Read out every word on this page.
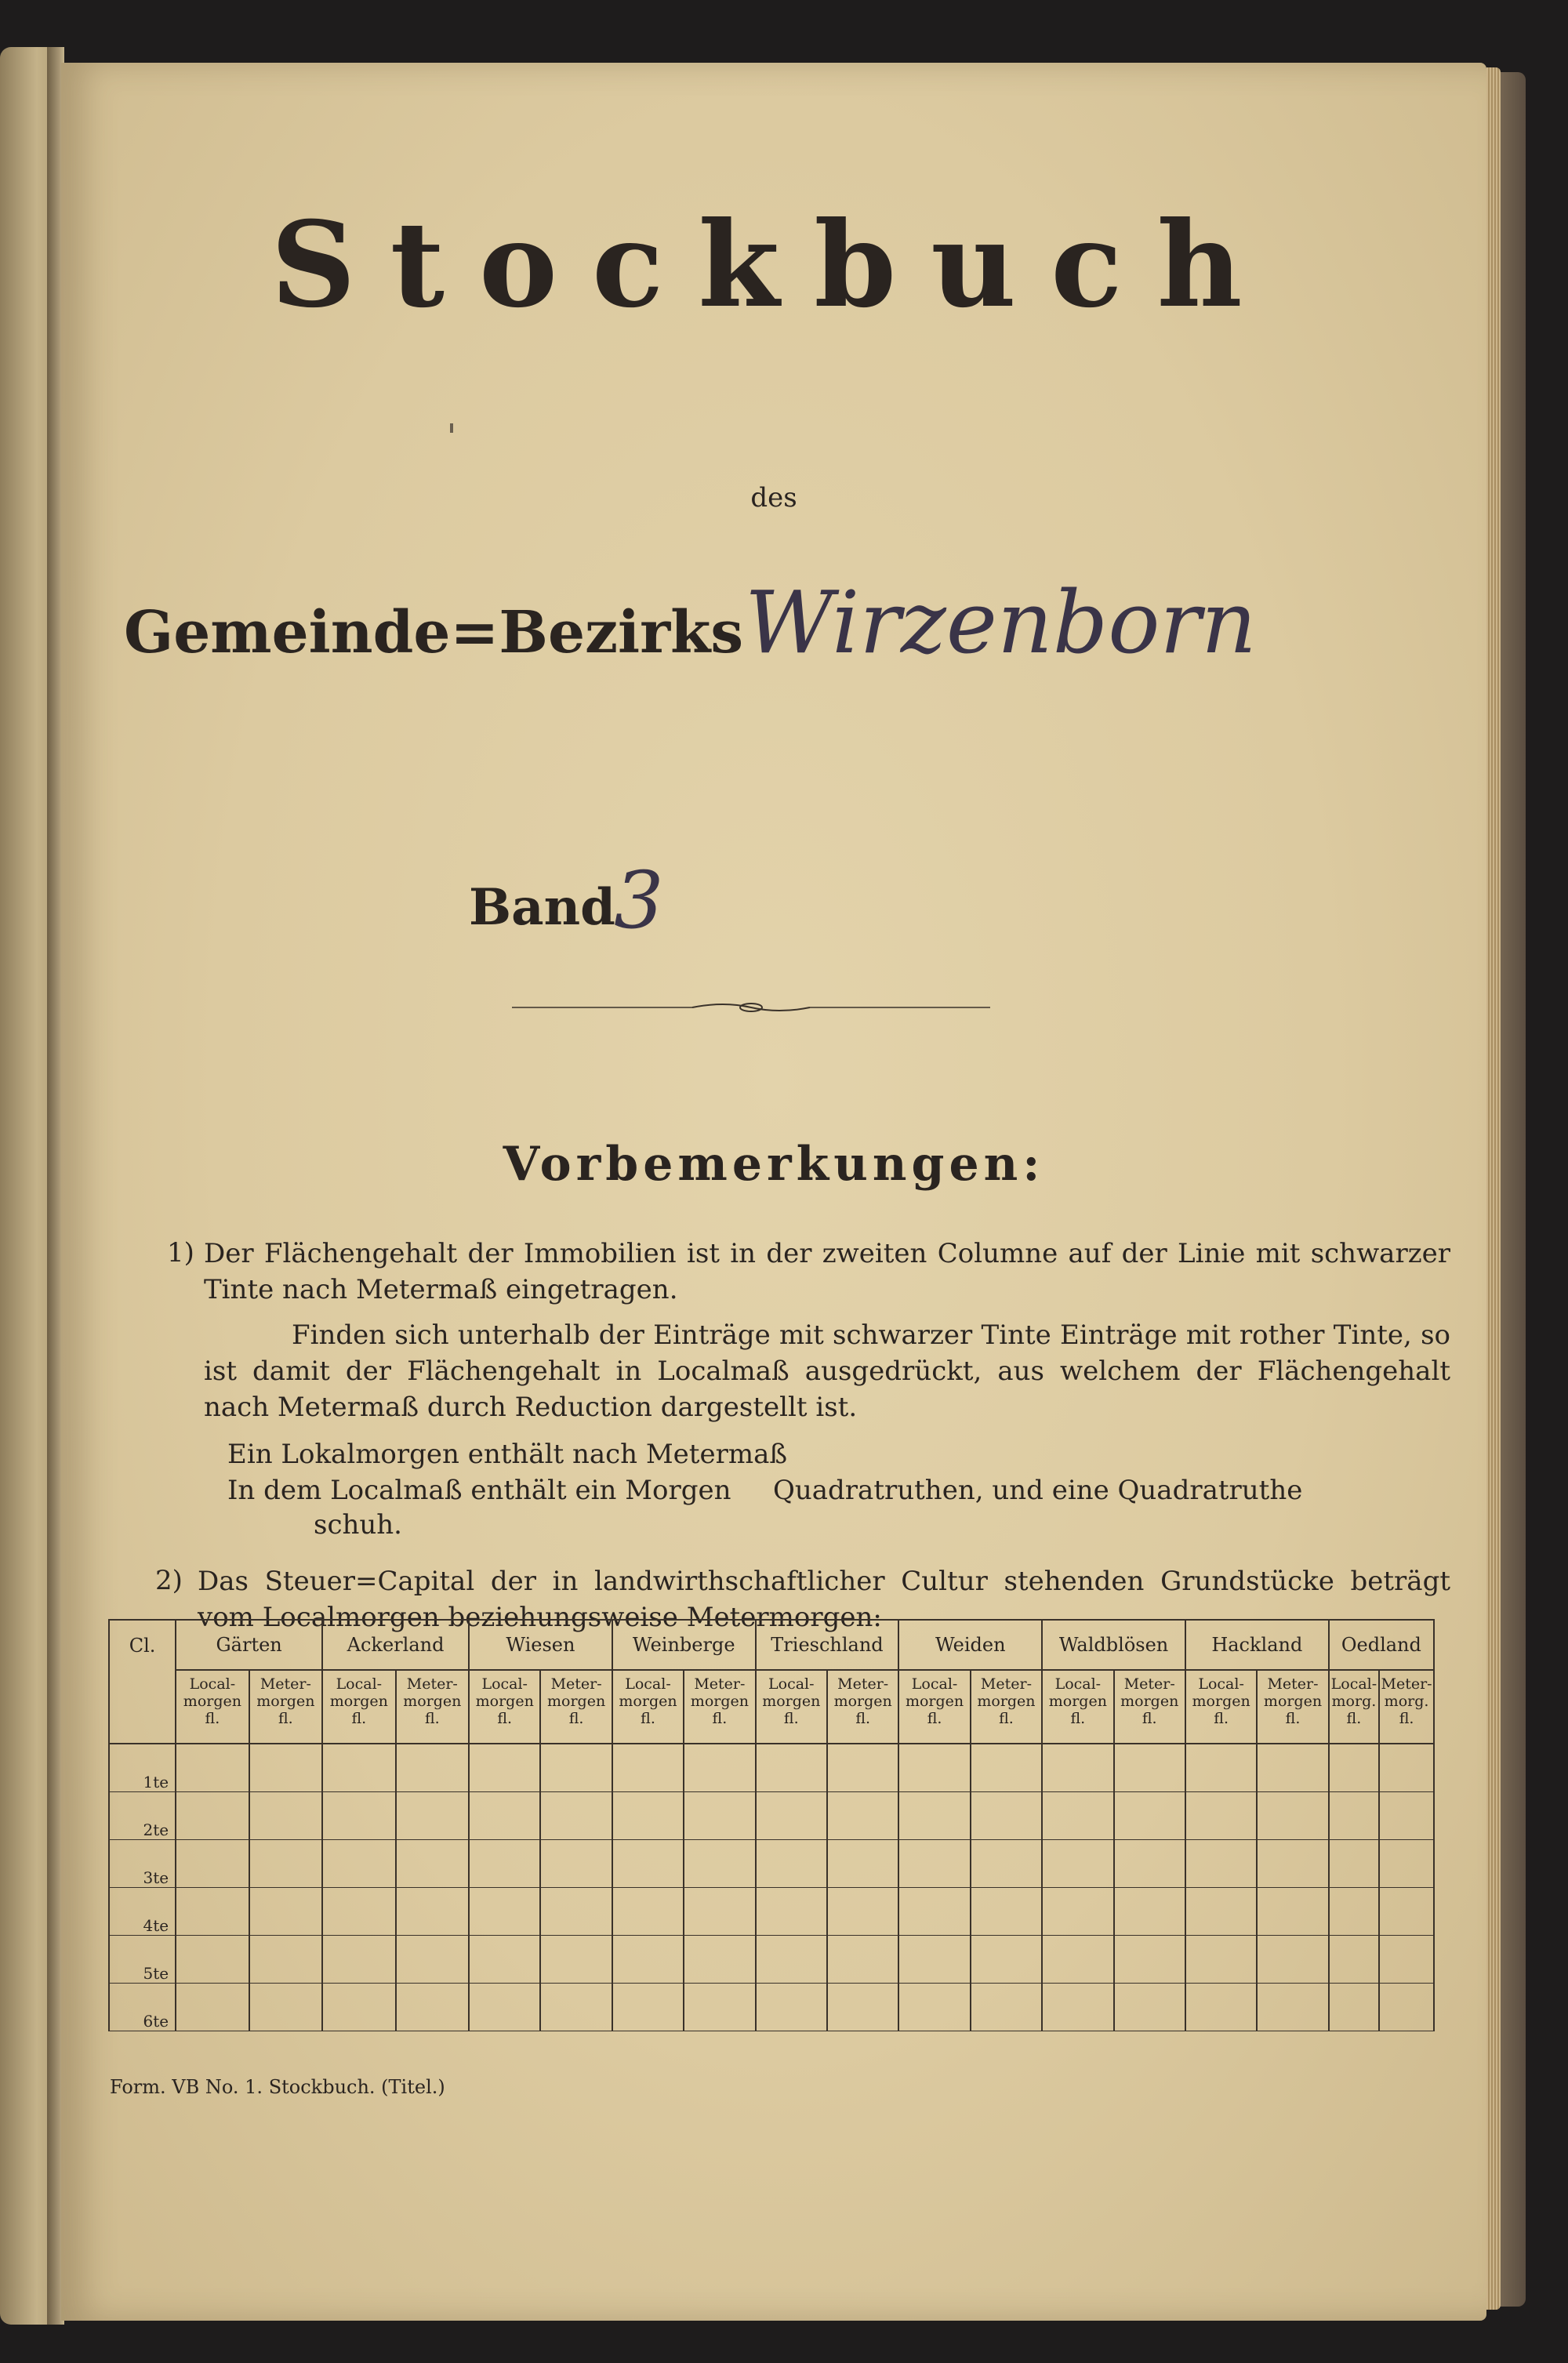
Stockbuch
des
Gemeinde=Bezirks Wirzenborn
Band
3
Vorbemerkungen:
1) Der Flächengehalt der Immobilien ist in der zweiten Columne auf der Linie mit schwarzer Tinte nach Metermaß eingetragen.
Finden sich unterhalb der Einträge mit schwarzer Tinte Einträge mit rother Tinte, so ist damit der Flächengehalt in Localmaß ausgedrückt, aus welchem der Flächengehalt nach Metermaß durch Reduction dargestellt ist.
Ein Lokalmorgen enthält nach Metermaß
In dem Localmaß enthält ein Morgen	Quadratruthen, und eine Quadratruthe
schuh.
2) Das Steuer=Capital der in landwirthschaftlicher Cultur stehenden Grundstücke beträgt vom Localmorgen beziehungsweise Metermorgen:
Cl.	Gärten		Ackerland		Wiesen		Weinberge		Trieschland		Weiden		Waldblösen		Hackland		Oedland	
	Local-
morgen
fl.	Meter-
morgen
fl.	Local-
morgen
fl.	Meter-
morgen
fl.	Local-
morgen
fl.	Meter-
morgen
fl.	Local-
morgen
fl.	Meter-
morgen
fl.	Local-
morgen
fl.	Meter-
morgen
fl.	Local-
morgen
fl.	Meter-
morgen
fl.	Local-
morgen
fl.	Meter-
morgen
fl.	Local-
morgen
fl.	Meter-
morgen
fl.	Local-
morg.
fl.	Meter-
morg.
fl.
1te																		
2te																		
3te																		
4te																		
5te																		
6te																		
Form. VB No. 1. Stockbuch. (Titel.)
